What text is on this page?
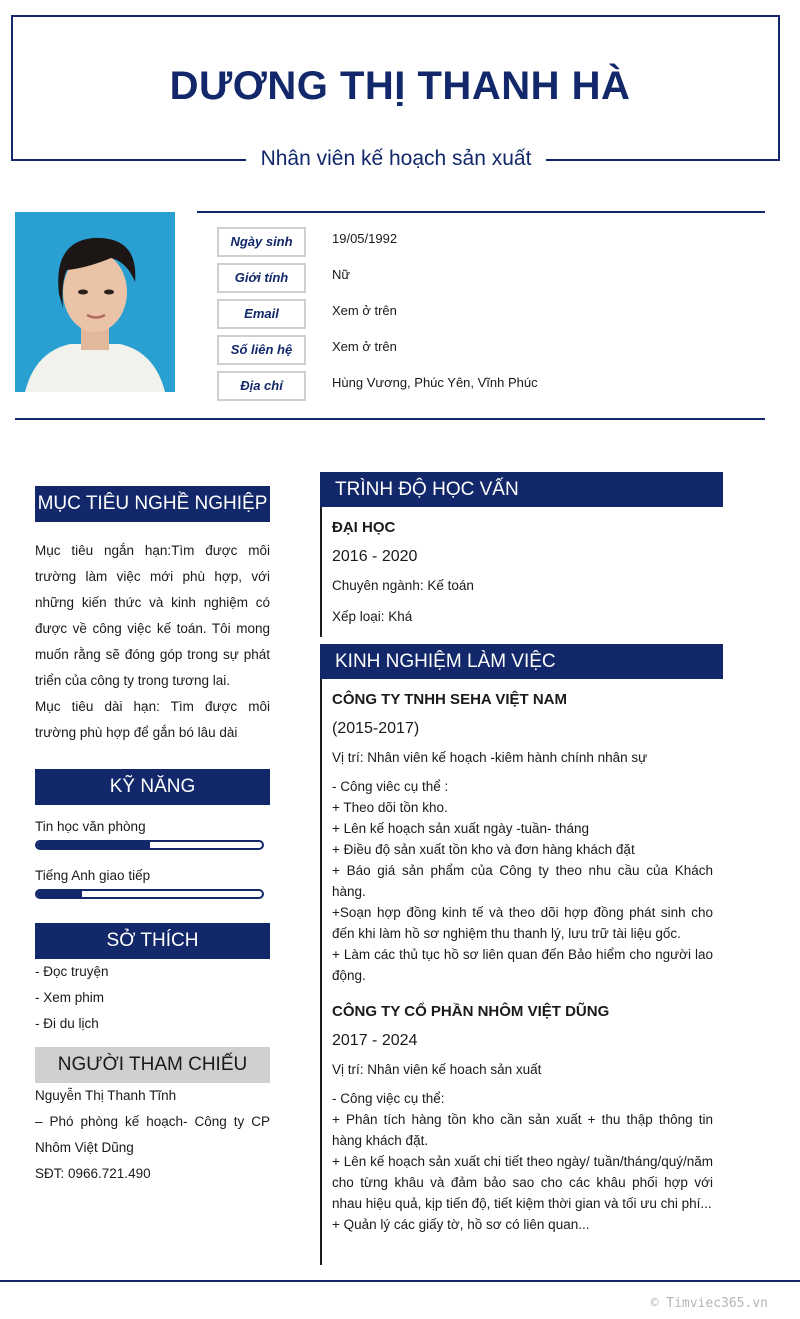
DƯƠNG THỊ THANH HÀ
Nhân viên kế hoạch sản xuất
Ngày sinh	19/05/1992
Giới tính	Nữ
Email	Xem ở trên
Số liên hệ	Xem ở trên
Địa chỉ	Hùng Vương, Phúc Yên, Vĩnh Phúc
MỤC TIÊU NGHỀ NGHIỆP
Mục tiêu ngắn hạn:Tìm được môi trường làm việc mới phù hợp, với những kiến thức và kinh nghiệm có được về công việc kế toán. Tôi mong muốn rằng sẽ đóng góp trong sự phát triển của công ty trong tương lai.
Mục tiêu dài hạn: Tìm được môi trường phù hợp để gắn bó lâu dài
KỸ NĂNG
Tin học văn phòng
Tiếng Anh giao tiếp
SỞ THÍCH
- Đọc truyện
- Xem phim
- Đi du lịch
NGƯỜI THAM CHIẾU
Nguyễn Thị Thanh Tĩnh
– Phó phòng kế hoạch- Công ty CP Nhôm Việt Dũng
SĐT: 0966.721.490
TRÌNH ĐỘ HỌC VẤN
ĐẠI HỌC
2016 - 2020
Chuyên ngành: Kế toán
Xếp loại: Khá
KINH NGHIỆM LÀM VIỆC
CÔNG TY TNHH SEHA VIỆT NAM
(2015-2017)
Vị trí: Nhân viên kế hoạch -kiêm hành chính nhân sự
- Công viêc cụ thể :
+ Theo dõi tồn kho.
+ Lên kế hoạch sản xuất ngày -tuần- tháng
+ Điều độ sản xuất tồn kho và đơn hàng khách đặt
+ Báo giá sản phẩm của Công ty theo nhu cầu của Khách hàng.
+Soạn hợp đồng kinh tế và theo dõi hợp đồng phát sinh cho đến khi làm hồ sơ nghiệm thu thanh lý, lưu trữ tài liệu gốc.
+ Làm các thủ tục hồ sơ liên quan đến Bảo hiểm cho người lao động.
CÔNG TY CỔ PHẦN NHÔM VIỆT DŨNG
2017 - 2024
Vị trí: Nhân viên kế hoach sản xuất
- Công việc cụ thể:
+ Phân tích hàng tồn kho cần sản xuất + thu thập thông tin hàng khách đặt.
+ Lên kế hoạch sản xuất chi tiết theo ngày/ tuần/tháng/quý/năm cho từng khâu và đảm bảo sao cho các khâu phối hợp với nhau hiệu quả, kịp tiến độ, tiết kiệm thời gian và tối ưu chi phí...
+ Quản lý các giấy tờ, hồ sơ có liên quan...
© Timviec365.vn
